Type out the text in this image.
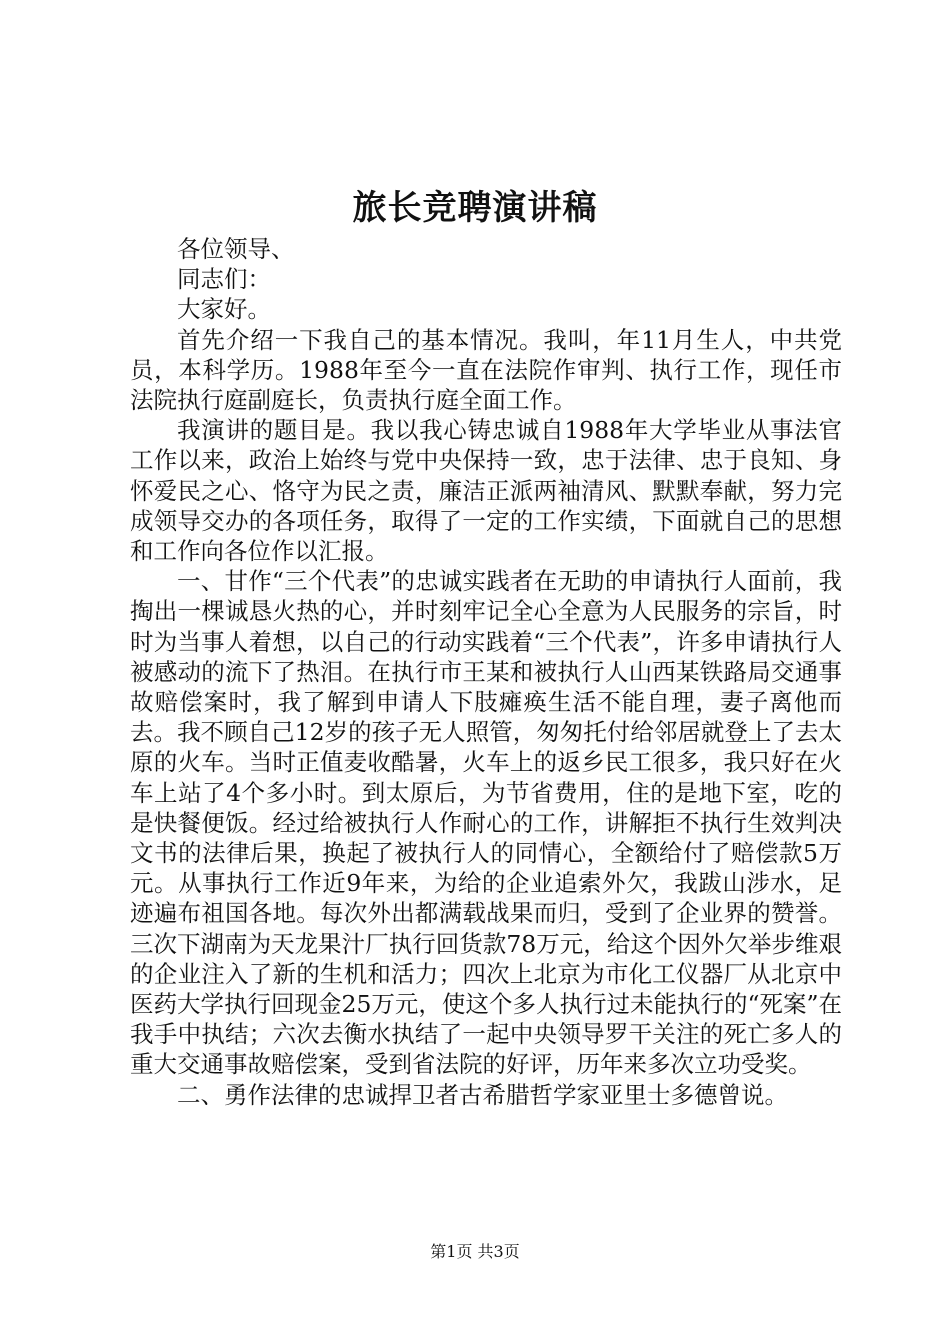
旅长竞聘演讲稿

各位领导、

同志们：

大家好。

首先介绍一下我自己的基本情况。我叫，年11月生人，中共党员，本科学历。1988年至今一直在法院作审判、执行工作，现任市法院执行庭副庭长，负责执行庭全面工作。

我演讲的题目是。我以我心铸忠诚自1988年大学毕业从事法官工作以来，政治上始终与党中央保持一致，忠于法律、忠于良知、身怀爱民之心、恪守为民之责，廉洁正派两袖清风、默默奉献，努力完成领导交办的各项任务，取得了一定的工作实绩，下面就自己的思想和工作向各位作以汇报。

一、甘作“三个代表”的忠诚实践者在无助的申请执行人面前，我掏出一棵诚恳火热的心，并时刻牢记全心全意为人民服务的宗旨，时时为当事人着想，以自己的行动实践着“三个代表”，许多申请执行人被感动的流下了热泪。在执行市王某和被执行人山西某铁路局交通事故赔偿案时，我了解到申请人下肢瘫痪生活不能自理，妻子离他而去。我不顾自己12岁的孩子无人照管，匆匆托付给邻居就登上了去太原的火车。当时正值麦收酷暑，火车上的返乡民工很多，我只好在火车上站了4个多小时。到太原后，为节省费用，住的是地下室，吃的是快餐便饭。经过给被执行人作耐心的工作，讲解拒不执行生效判决文书的法律后果，换起了被执行人的同情心，全额给付了赔偿款5万元。从事执行工作近9年来，为给的企业追索外欠，我跋山涉水，足迹遍布祖国各地。每次外出都满载战果而归，受到了企业界的赞誉。三次下湖南为天龙果汁厂执行回货款78万元，给这个因外欠举步维艰的企业注入了新的生机和活力；四次上北京为市化工仪器厂从北京中医药大学执行回现金25万元，使这个多人执行过未能执行的“死案”在我手中执结；六次去衡水执结了一起中央领导罗干关注的死亡多人的重大交通事故赔偿案，受到省法院的好评，历年来多次立功受奖。

二、勇作法律的忠诚捍卫者古希腊哲学家亚里士多德曾说。

第1页 共3页
